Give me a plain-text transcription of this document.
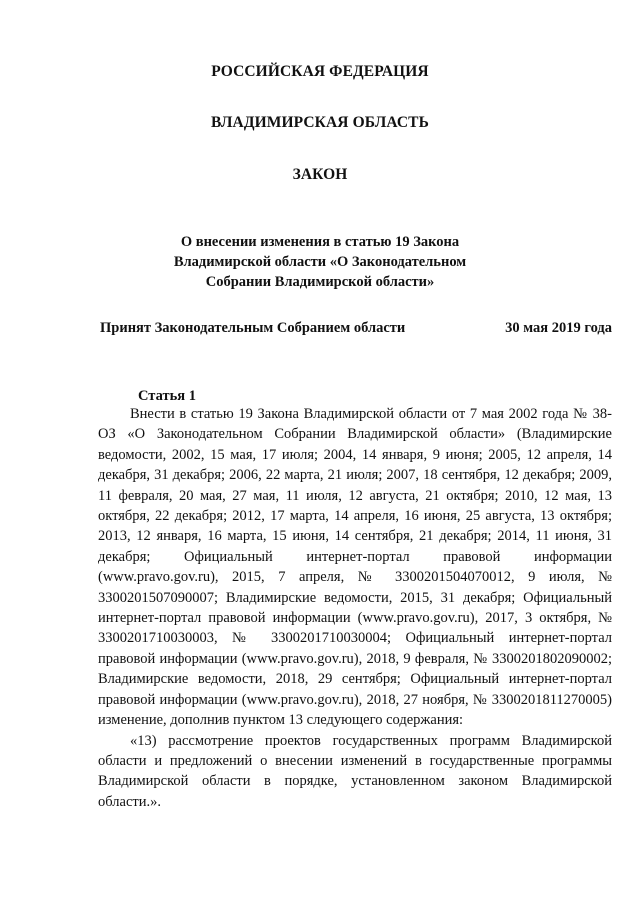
РОССИЙСКАЯ ФЕДЕРАЦИЯ
ВЛАДИМИРСКАЯ ОБЛАСТЬ
ЗАКОН
О внесении изменения в статью 19 Закона
Владимирской области «О Законодательном
Собрании Владимирской области»
Принят Законодательным Собранием области	30 мая 2019 года
Статья 1

Внести в статью 19 Закона Владимирской области от 7 мая 2002 года № 38-ОЗ «О Законодательном Собрании Владимирской области» (Владимирские ведомости, 2002, 15 мая, 17 июля; 2004, 14 января, 9 июня; 2005, 12 апреля, 14 декабря, 31 декабря; 2006, 22 марта, 21 июля; 2007, 18 сентября, 12 декабря; 2009, 11 февраля, 20 мая, 27 мая, 11 июля, 12 августа, 21 октября; 2010, 12 мая, 13 октября, 22 декабря; 2012, 17 марта, 14 апреля, 16 июня, 25 августа, 13 октября; 2013, 12 января, 16 марта, 15 июня, 14 сентября, 21 декабря; 2014, 11 июня, 31 декабря; Официальный интернет-портал правовой информации (www.pravo.gov.ru), 2015, 7 апреля, № 3300201504070012, 9 июля, № 3300201507090007; Владимирские ведомости, 2015, 31 декабря; Официальный интернет-портал правовой информации (www.pravo.gov.ru), 2017, 3 октября, № 3300201710030003, № 3300201710030004; Официальный интернет-портал правовой информации (www.pravo.gov.ru), 2018, 9 февраля, № 3300201802090002; Владимирские ведомости, 2018, 29 сентября; Официальный интернет-портал правовой информации (www.pravo.gov.ru), 2018, 27 ноября, № 3300201811270005) изменение, дополнив пунктом 13 следующего содержания:

«13) рассмотрение проектов государственных программ Владимирской области и предложений о внесении изменений в государственные программы Владимирской области в порядке, установленном законом Владимирской области.».
